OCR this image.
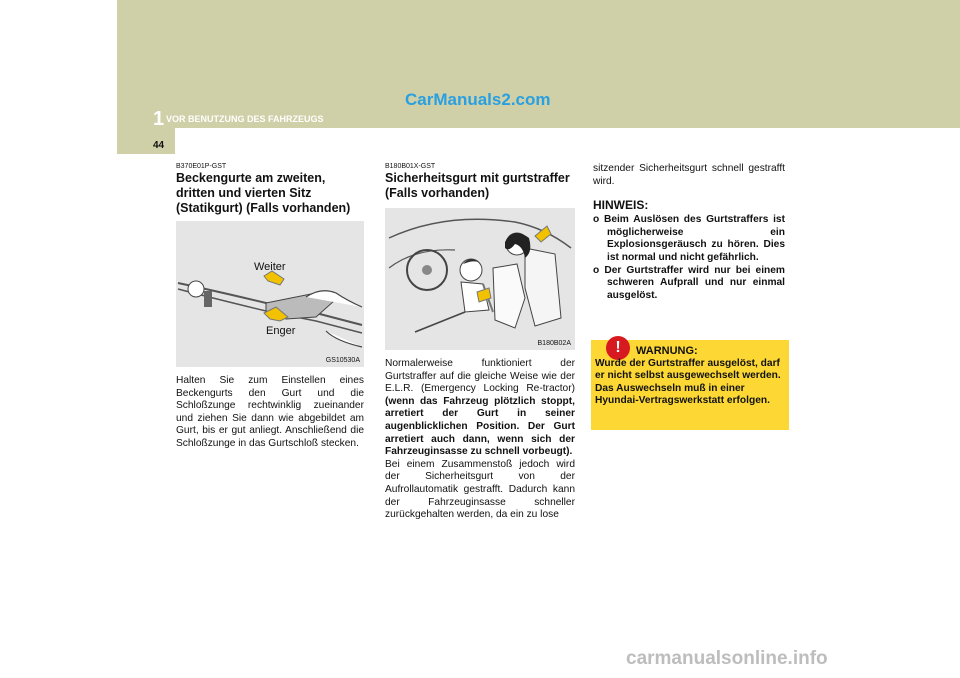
1 VOR BENUTZUNG DES FAHRZEUGS
CarManuals2.com
44
B370E01P-GST
Beckengurte am zweiten, dritten und vierten Sitz (Statikgurt) (Falls vorhanden)
Weiter
Enger
GS10530A
Halten Sie zum Einstellen eines Beckengurts den Gurt und die Schloßzunge rechtwinklig zueinander und ziehen Sie dann wie abgebildet am Gurt, bis er gut anliegt. Anschließend die Schloßzunge in das Gurtschloß stecken.
B180B01X-GST
Sicherheitsgurt mit gurtstraffer (Falls vorhanden)
B180B02A
Normalerweise funktioniert der Gurtstraffer auf die gleiche Weise wie der E.L.R. (Emergency Locking Re-tractor) (wenn das Fahrzeug plötzlich stoppt, arretiert der Gurt in seiner augenblicklichen Position. Der Gurt arretiert auch dann, wenn sich der Fahrzeuginsasse zu schnell vorbeugt).
Bei einem Zusammenstoß jedoch wird der Sicherheitsgurt von der Aufrollautomatik gestrafft. Dadurch kann der Fahrzeuginsasse schneller zurückgehalten werden, da ein zu lose
sitzender Sicherheitsgurt schnell gestrafft wird.
HINWEIS:
o Beim Auslösen des Gurtstraffers ist möglicherweise ein Explosionsgeräusch zu hören. Dies ist normal und nicht gefährlich.
o Der Gurtstraffer wird nur bei einem schweren Aufprall und nur einmal ausgelöst.
!	WARNUNG:
Wurde der Gurtstraffer ausgelöst, darf er nicht selbst ausgewechselt werden. Das Auswechseln muß in einer Hyundai-Vertragswerkstatt erfolgen.
carmanualsonline.info
